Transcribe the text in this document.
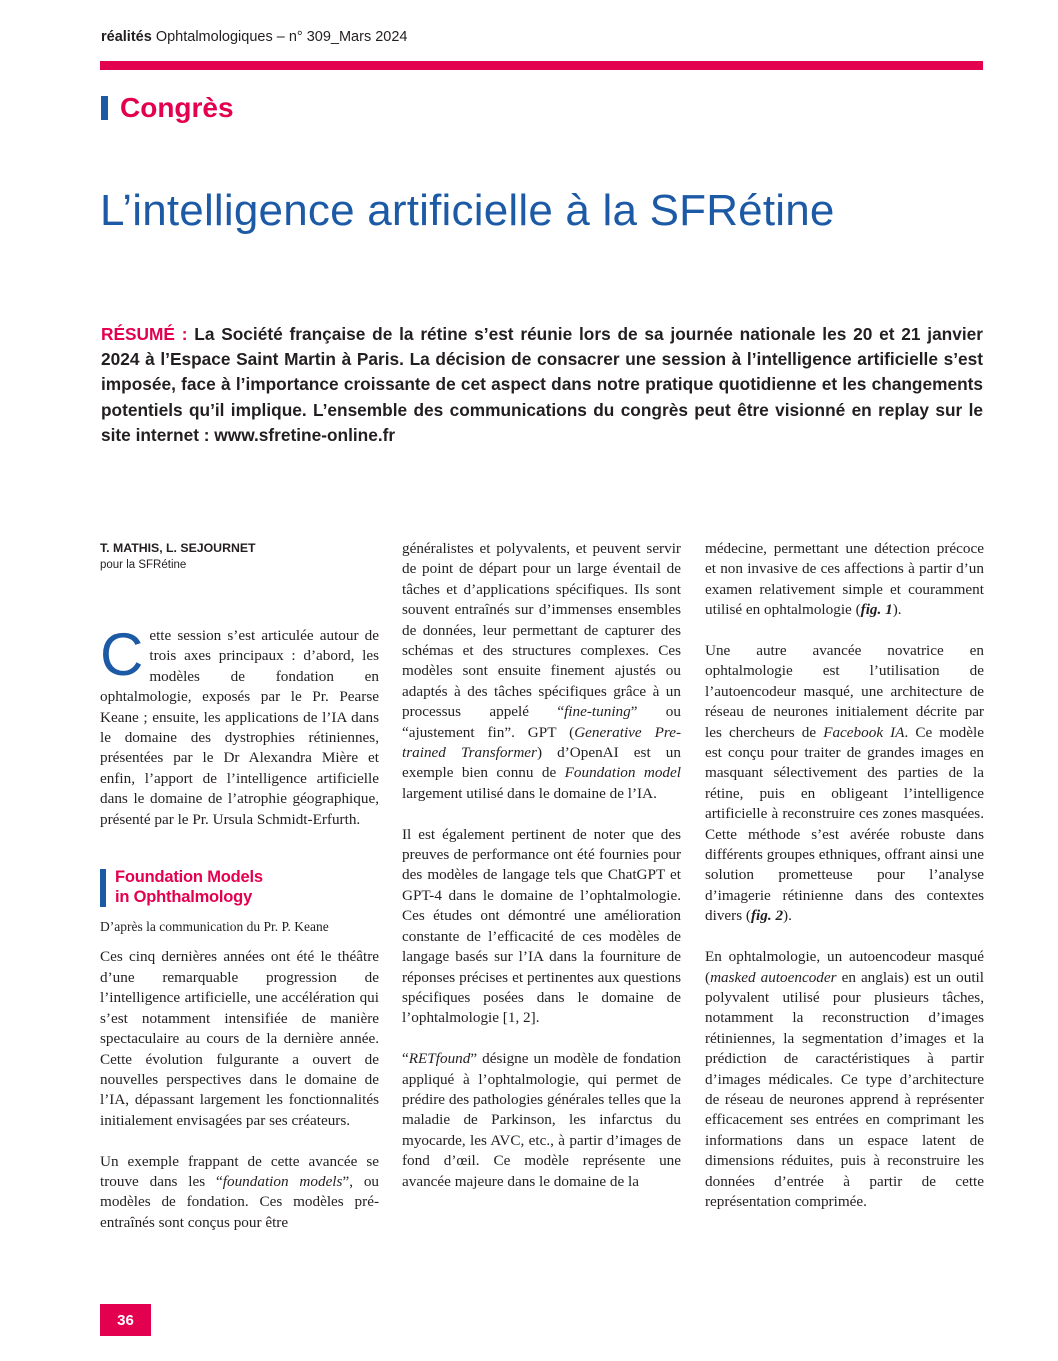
réalités Ophtalmologiques – n° 309_Mars 2024
Congrès
L’intelligence artificielle à la SFRétine
RÉSUMÉ : La Société française de la rétine s’est réunie lors de sa journée nationale les 20 et 21 janvier 2024 à l’Espace Saint Martin à Paris. La décision de consacrer une session à l’intelligence artificielle s’est imposée, face à l’importance croissante de cet aspect dans notre pratique quotidienne et les changements potentiels qu’il implique. L’ensemble des communications du congrès peut être visionné en replay sur le site internet : www.sfretine-online.fr
T. MATHIS, L. SEJOURNET
pour la SFRétine

Cette session s’est articulée autour de trois axes principaux : d’abord, les modèles de fondation en ophtalmologie, exposés par le Pr. Pearse Keane ; ensuite, les applications de l’IA dans le domaine des dystrophies rétiniennes, présentées par le Dr Alexandra Mière et enfin, l’apport de l’intelligence artificielle dans le domaine de l’atrophie géographique, présenté par le Pr. Ursula Schmidt-Erfurth.

Foundation Models
in Ophthalmology

D’après la communication du Pr. P. Keane

Ces cinq dernières années ont été le théâtre d’une remarquable progression de l’intelligence artificielle, une accélération qui s’est notamment intensifiée de manière spectaculaire au cours de la dernière année. Cette évolution fulgurante a ouvert de nouvelles perspectives dans le domaine de l’IA, dépassant largement les fonctionnalités initialement envisagées par ses créateurs.

Un exemple frappant de cette avancée se trouve dans les “foundation models”, ou modèles de fondation. Ces modèles pré-entraînés sont conçus pour être

généralistes et polyvalents, et peuvent servir de point de départ pour un large éventail de tâches et d’applications spécifiques. Ils sont souvent entraînés sur d’immenses ensembles de données, leur permettant de capturer des schémas et des structures complexes. Ces modèles sont ensuite finement ajustés ou adaptés à des tâches spécifiques grâce à un processus appelé “fine-tuning” ou “ajustement fin”. GPT (Generative Pre-trained Transformer) d’OpenAI est un exemple bien connu de Foundation model largement utilisé dans le domaine de l’IA.

Il est également pertinent de noter que des preuves de performance ont été fournies pour des modèles de langage tels que ChatGPT et GPT-4 dans le domaine de l’ophtalmologie. Ces études ont démontré une amélioration constante de l’efficacité de ces modèles de langage basés sur l’IA dans la fourniture de réponses précises et pertinentes aux questions spécifiques posées dans le domaine de l’ophtalmologie [1, 2].

“RETfound” désigne un modèle de fondation appliqué à l’ophtalmologie, qui permet de prédire des pathologies générales telles que la maladie de Parkinson, les infarctus du myocarde, les AVC, etc., à partir d’images de fond d’œil. Ce modèle représente une avancée majeure dans le domaine de la

médecine, permettant une détection précoce et non invasive de ces affections à partir d’un examen relativement simple et couramment utilisé en ophtalmologie (fig. 1).

Une autre avancée novatrice en ophtalmologie est l’utilisation de l’autoencodeur masqué, une architecture de réseau de neurones initialement décrite par les chercheurs de Facebook IA. Ce modèle est conçu pour traiter de grandes images en masquant sélectivement des parties de la rétine, puis en obligeant l’intelligence artificielle à reconstruire ces zones masquées. Cette méthode s’est avérée robuste dans différents groupes ethniques, offrant ainsi une solution prometteuse pour l’analyse d’imagerie rétinienne dans des contextes divers (fig. 2).

En ophtalmologie, un autoencodeur masqué (masked autoencoder en anglais) est un outil polyvalent utilisé pour plusieurs tâches, notamment la reconstruction d’images rétiniennes, la segmentation d’images et la prédiction de caractéristiques à partir d’images médicales. Ce type d’architecture de réseau de neurones apprend à représenter efficacement ses entrées en comprimant les informations dans un espace latent de dimensions réduites, puis à reconstruire les données d’entrée à partir de cette représentation comprimée.

36
